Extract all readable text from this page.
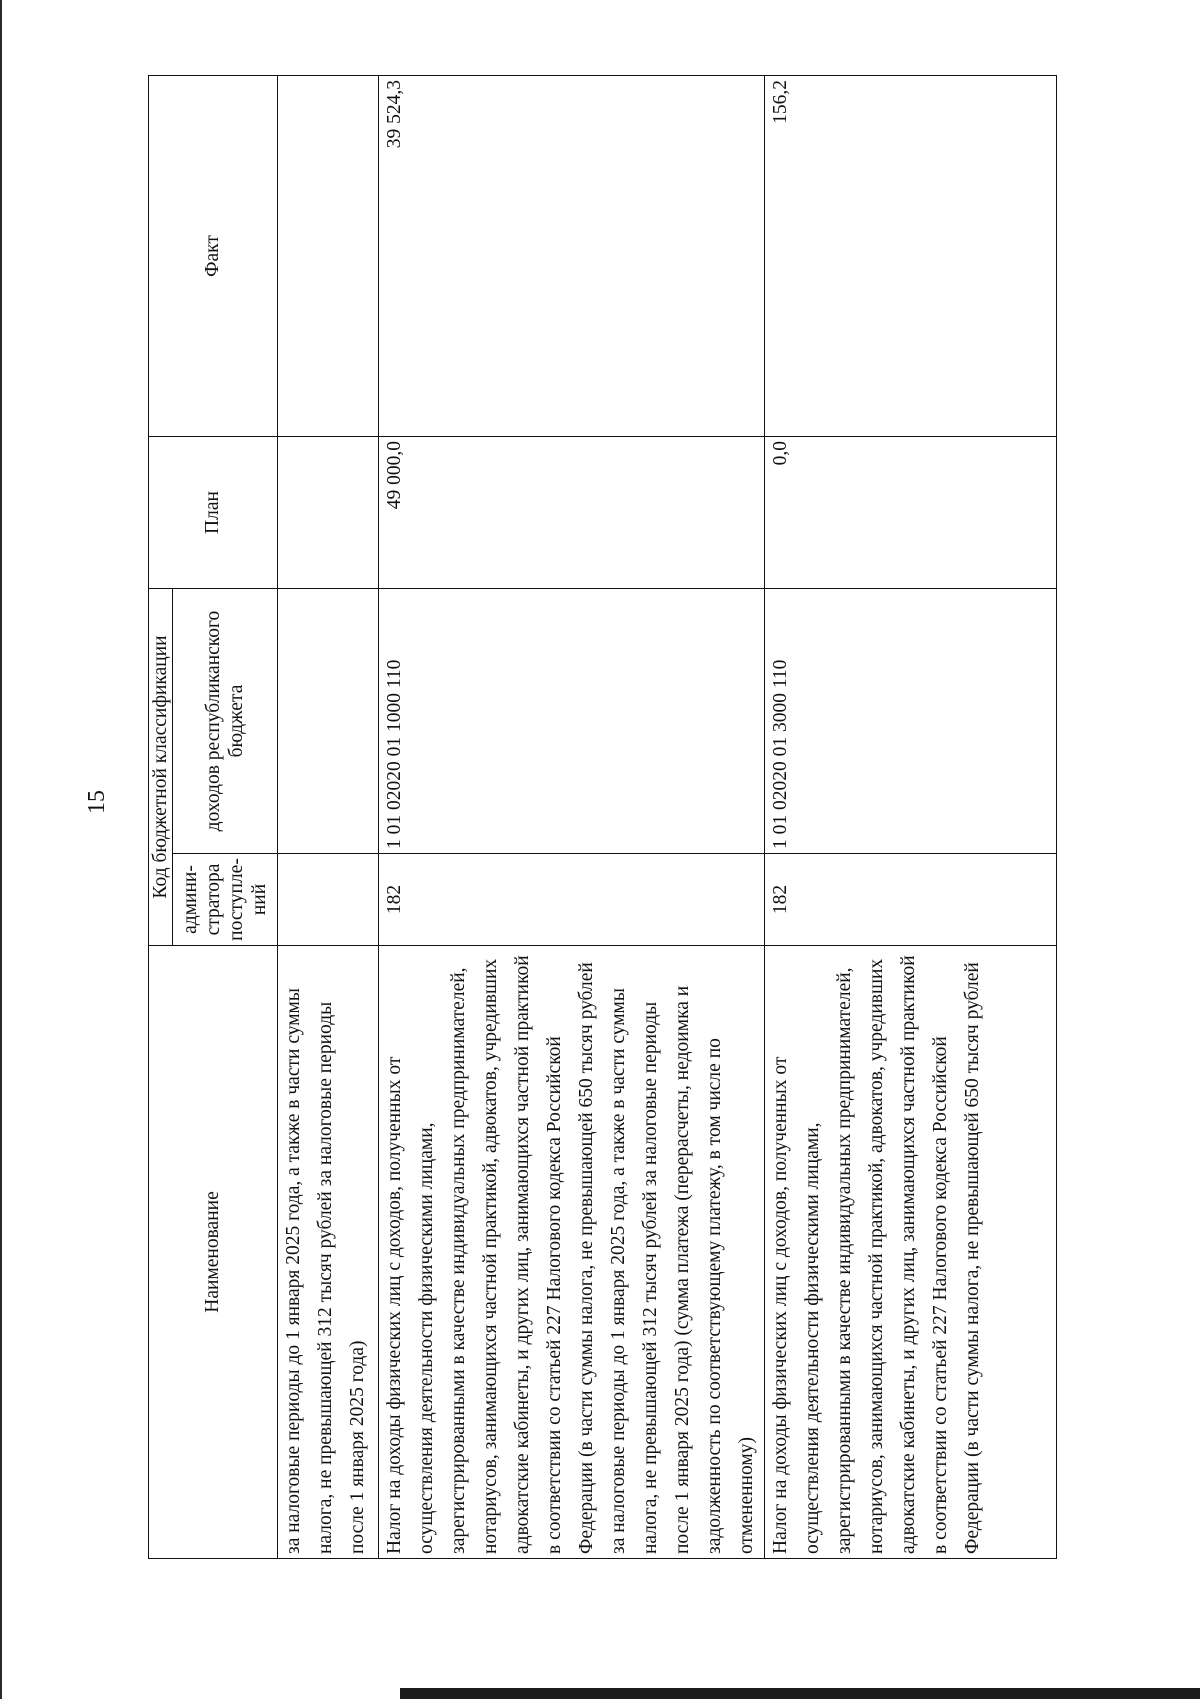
15
Наименование	Код бюджетной классификации		План	Факт
	админи-стратора поступле-ний	доходов республиканского бюджета		
за налоговые периоды до 1 января 2025 года, а также в части суммы налога, не превышающей 312 тысяч рублей за налоговые периоды после 1 января 2025 года)				
Налог на доходы физических лиц с доходов, полученных от осуществления деятельности физическими лицами, зарегистрированными в качестве индивидуальных предпринимателей, нотариусов, занимающихся частной практикой, адвокатов, учредивших адвокатские кабинеты, и других лиц, занимающихся частной практикой в соответствии со статьей 227 Налогового кодекса Российской Федерации (в части суммы налога, не превышающей 650 тысяч рублей за налоговые периоды до 1 января 2025 года, а также в части суммы налога, не превышающей 312 тысяч рублей за налоговые периоды после 1 января 2025 года) (сумма платежа (перерасчеты, недоимка и задолженность по соответствующему платежу, в том числе по отмененному)	182	1 01 02020 01 1000 110	49 000,0	39 524,3
Налог на доходы физических лиц с доходов, полученных от осуществления деятельности физическими лицами, зарегистрированными в качестве индивидуальных предпринимателей, нотариусов, занимающихся частной практикой, адвокатов, учредивших адвокатские кабинеты, и других лиц, занимающихся частной практикой в соответствии со статьей 227 Налогового кодекса Российской Федерации (в части суммы налога, не превышающей 650 тысяч рублей	182	1 01 02020 01 3000 110	0,0	156,2
